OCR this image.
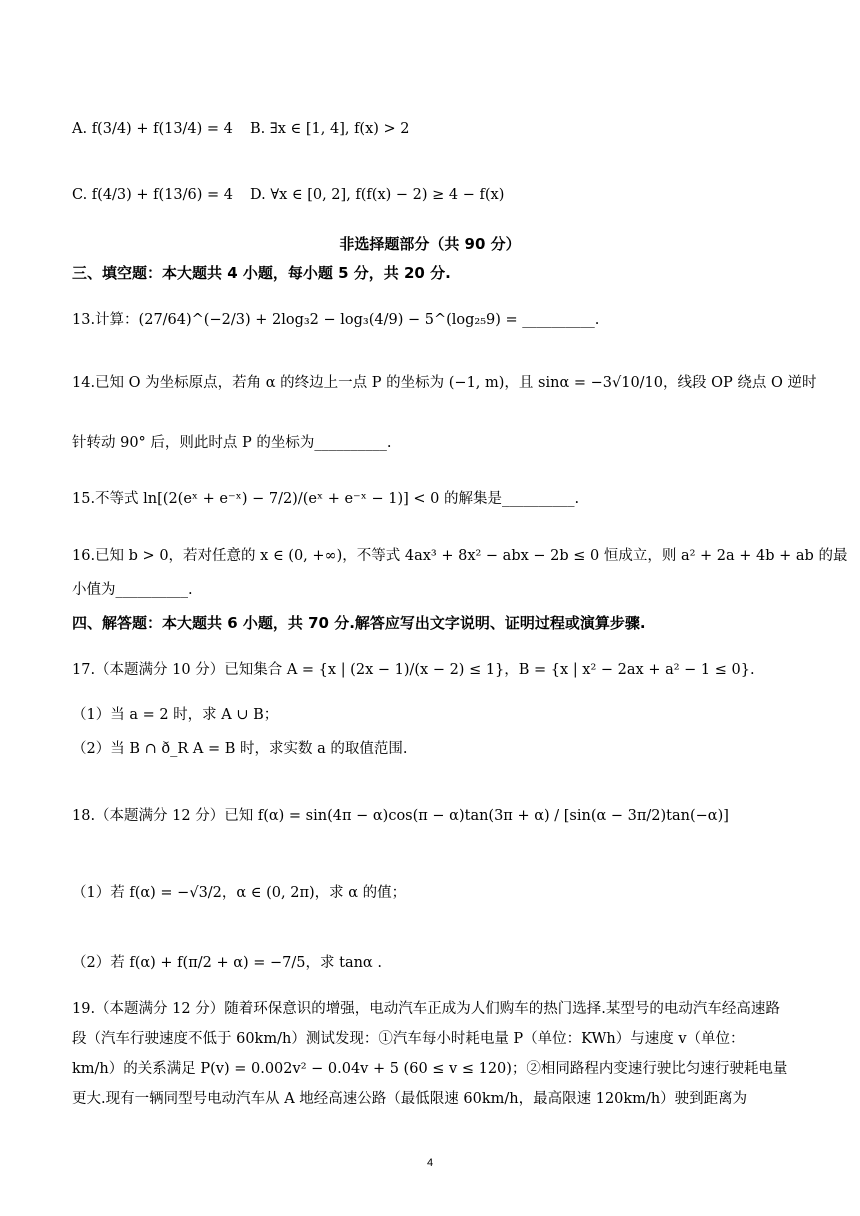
A. f(3/4) + f(13/4) = 4	B. ∃x ∈ [1, 4], f(x) > 2
C. f(4/3) + f(13/6) = 4	D. ∀x ∈ [0, 2], f(f(x) − 2) ≥ 4 − f(x)
非选择题部分（共 90 分）
三、填空题：本大题共 4 小题，每小题 5 分，共 20 分.
13.计算：(27/64)^(−2/3) + 2log₃2 − log₃(4/9) − 5^(log₂₅9) = __________.
14.已知 O 为坐标原点，若角 α 的终边上一点 P 的坐标为 (−1, m)，且 sinα = −3√10/10，线段 OP 绕点 O 逆时
针转动 90° 后，则此时点 P 的坐标为__________.
15.不等式 ln[(2(eˣ + e⁻ˣ) − 7/2)/(eˣ + e⁻ˣ − 1)] < 0 的解集是__________.
16.已知 b > 0，若对任意的 x ∈ (0, +∞)，不等式 4ax³ + 8x² − abx − 2b ≤ 0 恒成立，则 a² + 2a + 4b + ab 的最
小值为__________.
四、解答题：本大题共 6 小题，共 70 分.解答应写出文字说明、证明过程或演算步骤.
17.（本题满分 10 分）已知集合 A = {x | (2x − 1)/(x − 2) ≤ 1}，B = {x | x² − 2ax + a² − 1 ≤ 0}.
（1）当 a = 2 时，求 A ∪ B；
（2）当 B ∩ ð_R A = B 时，求实数 a 的取值范围.
18.（本题满分 12 分）已知 f(α) = sin(4π − α)cos(π − α)tan(3π + α) / [sin(α − 3π/2)tan(−α)]
（1）若 f(α) = −√3/2，α ∈ (0, 2π)，求 α 的值；
（2）若 f(α) + f(π/2 + α) = −7/5，求 tanα .
19.（本题满分 12 分）随着环保意识的增强，电动汽车正成为人们购车的热门选择.某型号的电动汽车经高速路段（汽车行驶速度不低于 60km/h）测试发现：①汽车每小时耗电量 P（单位：KWh）与速度 v（单位：km/h）的关系满足 P(v) = 0.002v² − 0.04v + 5 (60 ≤ v ≤ 120)；②相同路程内变速行驶比匀速行驶耗电量更大.现有一辆同型号电动汽车从 A 地经高速公路（最低限速 60km/h，最高限速 120km/h）驶到距离为
4
